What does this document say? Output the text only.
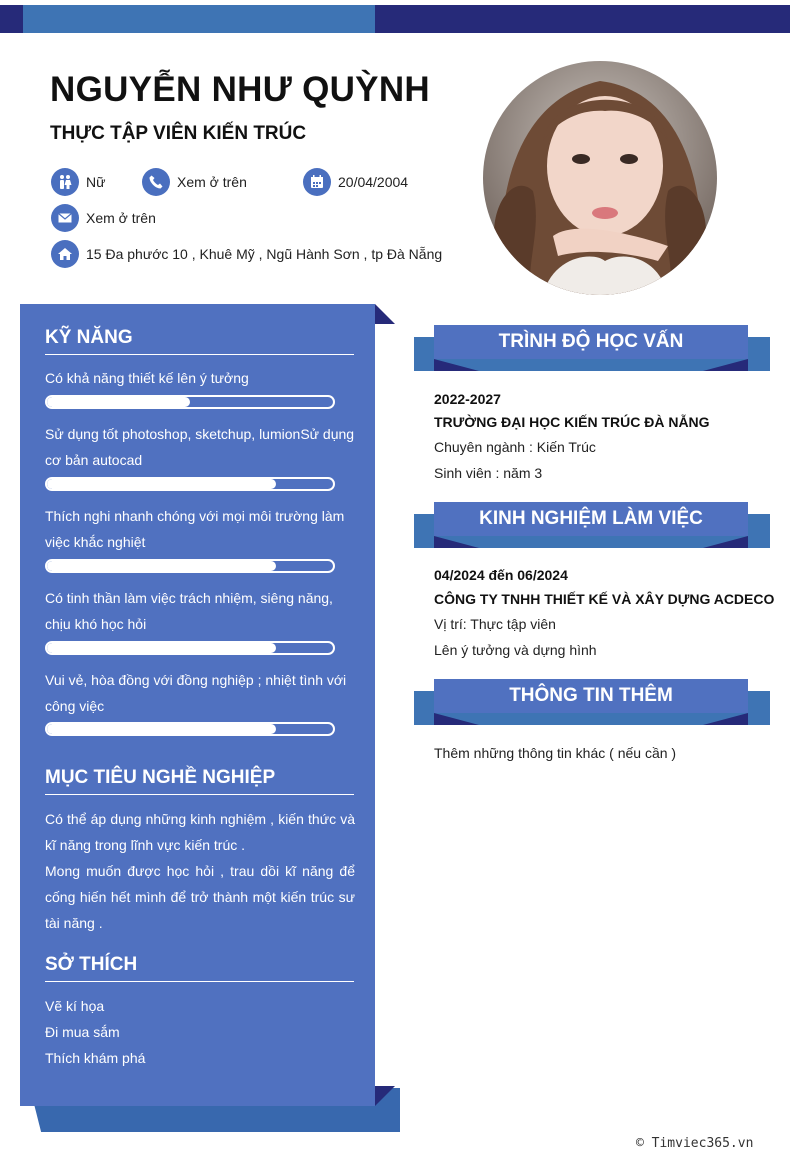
NGUYỄN NHƯ QUỲNH
THỰC TẬP VIÊN KIẾN TRÚC
Nữ	Xem ở trên	20/04/2004
Xem ở trên
15 Đa phước 10 , Khuê Mỹ , Ngũ Hành Sơn , tp Đà Nẵng
KỸ NĂNG
Có khả năng thiết kế lên ý tưởng
Sử dụng tốt photoshop, sketchup, lumionSử dụng cơ bản autocad
Thích nghi nhanh chóng với mọi môi trường làm việc khắc nghiệt
Có tinh thần làm việc trách nhiệm, siêng năng, chịu khó học hỏi
Vui vẻ, hòa đồng với đồng nghiệp ; nhiệt tình với công việc
MỤC TIÊU NGHỀ NGHIỆP
Có thể áp dụng những kinh nghiệm , kiến thức và kĩ năng trong lĩnh vực kiến trúc .
Mong muốn được học hỏi , trau dồi kĩ năng để cống hiến hết mình để trở thành một kiến trúc sư tài năng .
SỞ THÍCH
Vẽ kí họa
Đi mua sắm
Thích khám phá
TRÌNH ĐỘ HỌC VẤN
2022-2027
TRƯỜNG ĐẠI HỌC KIẾN TRÚC ĐÀ NẴNG
Chuyên ngành : Kiến Trúc
Sinh viên : năm 3
KINH NGHIỆM LÀM VIỆC
04/2024 đến 06/2024
CÔNG TY TNHH THIẾT KẾ VÀ XÂY DỰNG ACDECO
Vị trí: Thực tập viên
Lên ý tưởng và dựng hình
THÔNG TIN THÊM
Thêm những thông tin khác ( nếu cần )
© Timviec365.vn
